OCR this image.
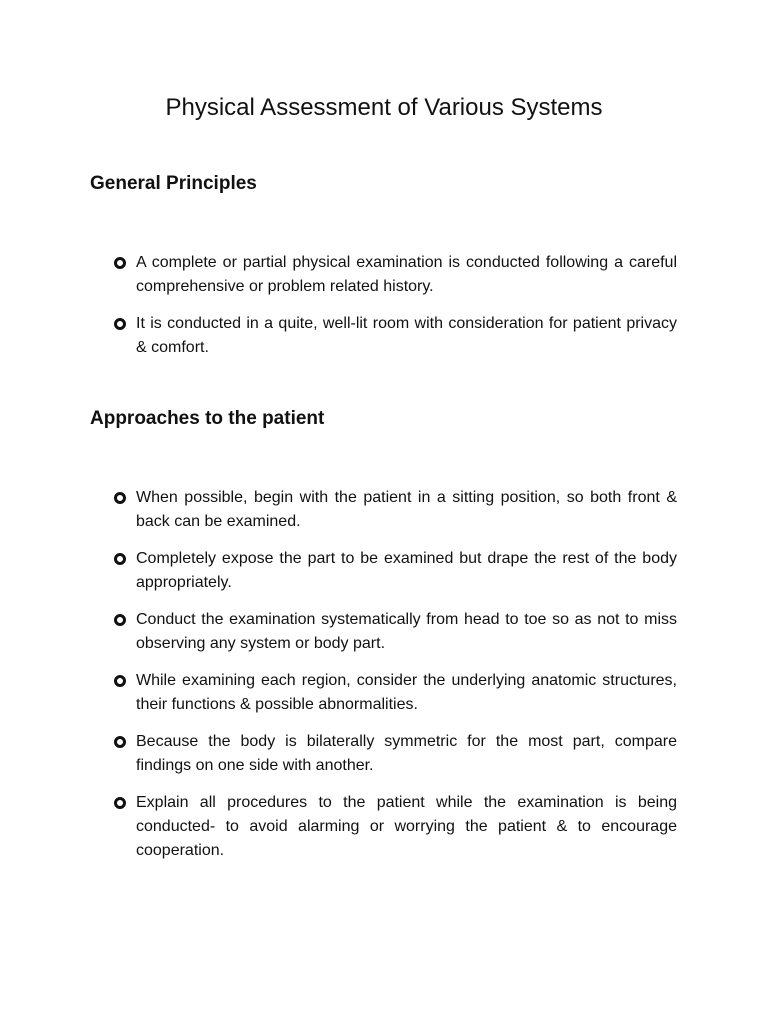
Physical Assessment of Various Systems
General Principles
A complete or partial physical examination is conducted following a careful comprehensive or problem related history.
It is conducted in a quite, well-lit room with consideration for patient privacy & comfort.
Approaches to the patient
When possible, begin with the patient in a sitting position, so both front & back can be examined.
Completely expose the part to be examined but drape the rest of the body appropriately.
Conduct the examination systematically from head to toe so as not to miss observing any system or body part.
While examining each region, consider the underlying anatomic structures, their functions & possible abnormalities.
Because the body is bilaterally symmetric for the most part, compare findings on one side with another.
Explain all procedures to the patient while the examination is being conducted- to avoid alarming or worrying the patient & to encourage cooperation.
